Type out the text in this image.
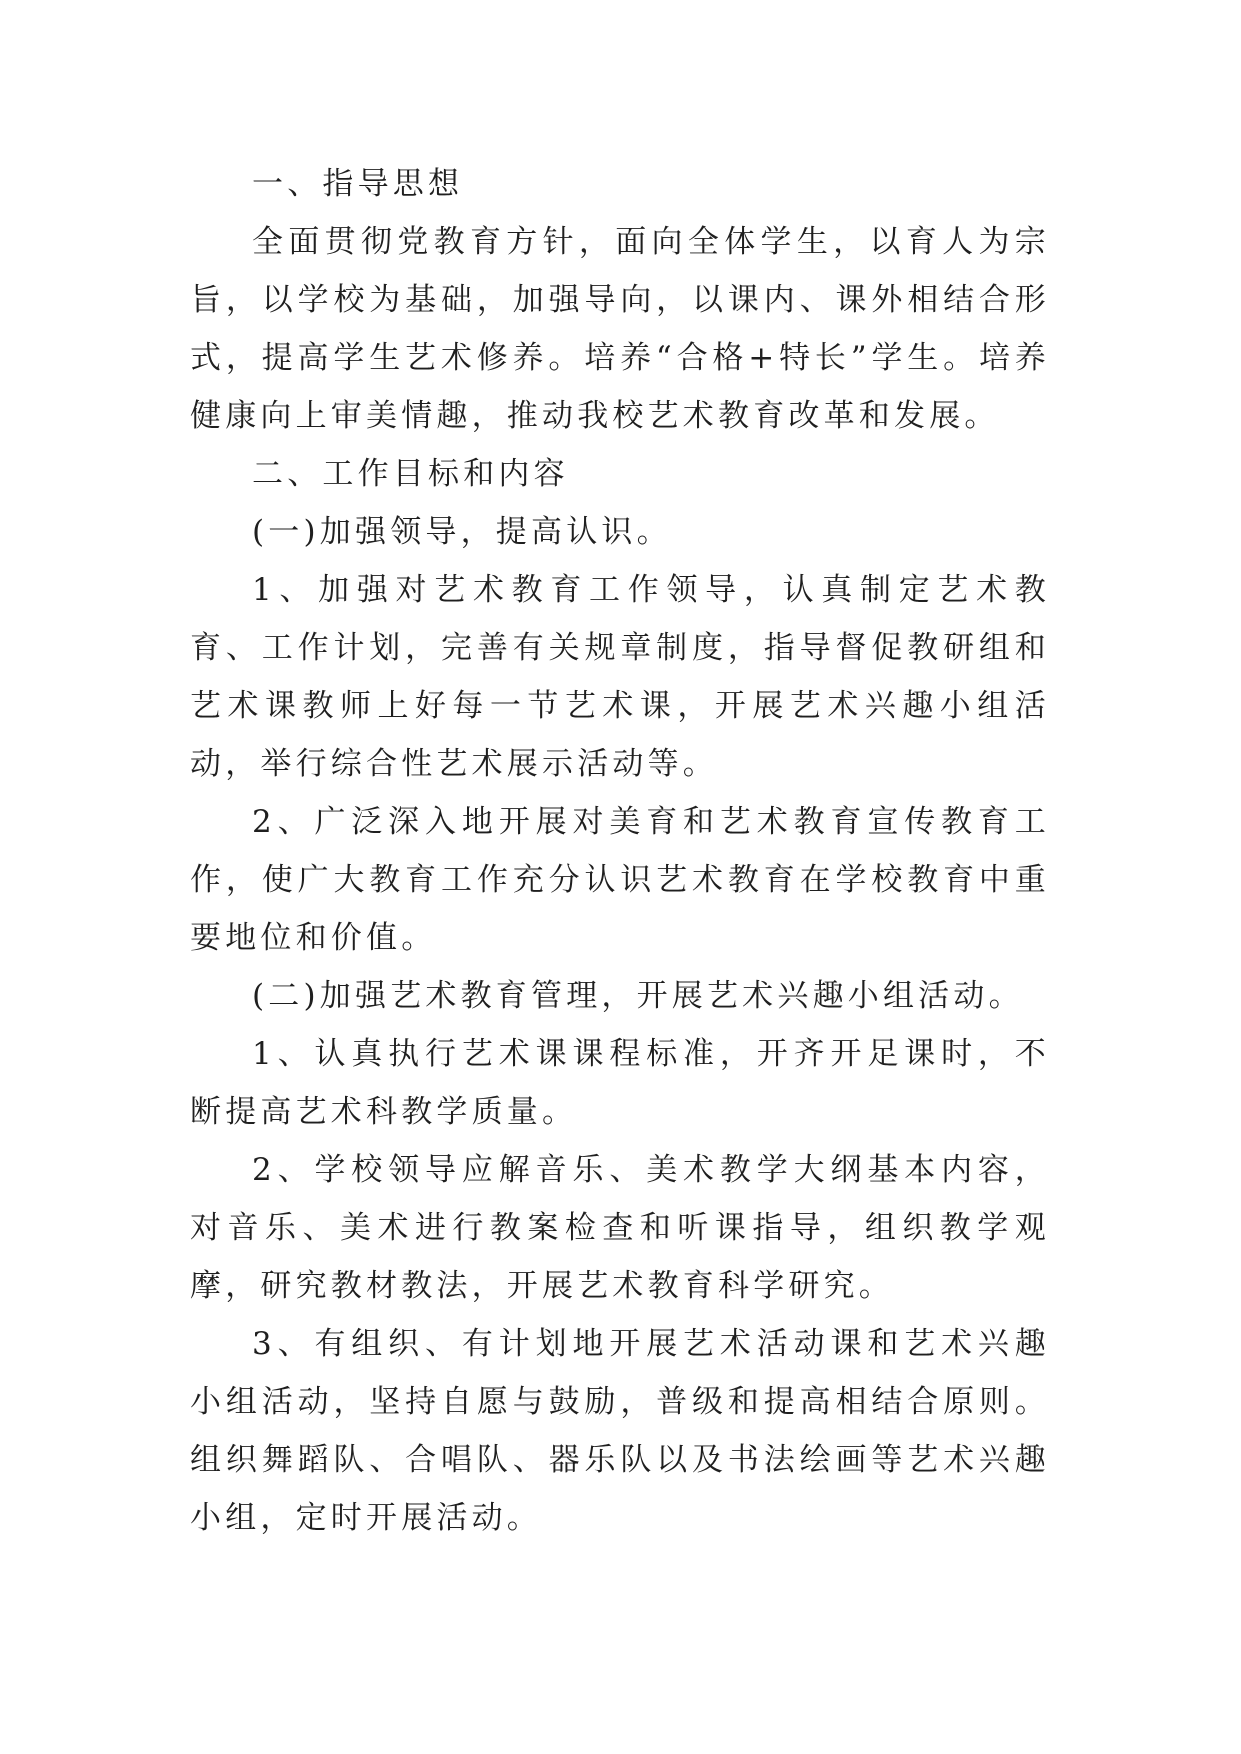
一、指导思想

全面贯彻党教育方针，面向全体学生，以育人为宗旨，以学校为基础，加强导向，以课内、课外相结合形式，提高学生艺术修养。培养“合格+特长”学生。培养健康向上审美情趣，推动我校艺术教育改革和发展。

二、工作目标和内容

(一)加强领导，提高认识。

1、加强对艺术教育工作领导，认真制定艺术教育、工作计划，完善有关规章制度，指导督促教研组和艺术课教师上好每一节艺术课，开展艺术兴趣小组活动，举行综合性艺术展示活动等。

2、广泛深入地开展对美育和艺术教育宣传教育工作，使广大教育工作充分认识艺术教育在学校教育中重要地位和价值。

(二)加强艺术教育管理，开展艺术兴趣小组活动。

1、认真执行艺术课课程标准，开齐开足课时，不断提高艺术科教学质量。

2、学校领导应解音乐、美术教学大纲基本内容，对音乐、美术进行教案检查和听课指导，组织教学观摩，研究教材教法，开展艺术教育科学研究。

3、有组织、有计划地开展艺术活动课和艺术兴趣小组活动，坚持自愿与鼓励，普级和提高相结合原则。组织舞蹈队、合唱队、器乐队以及书法绘画等艺术兴趣小组，定时开展活动。
